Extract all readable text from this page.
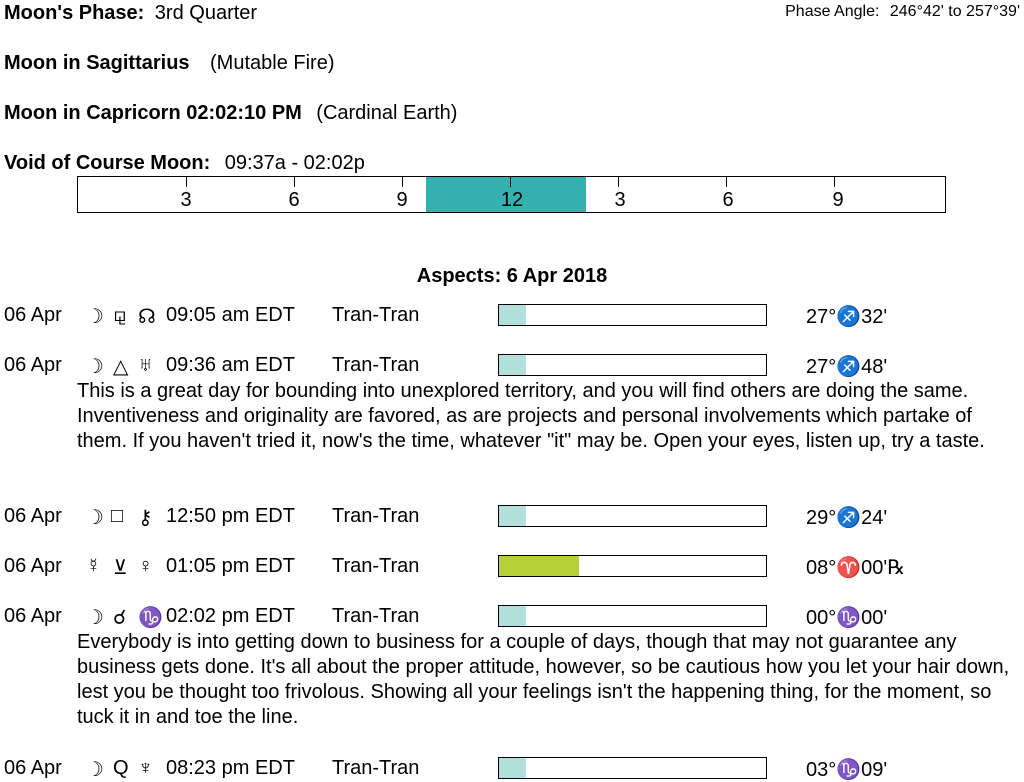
Moon's Phase: 3rd Quarter	Phase Angle: 246°42' to 257°39'
Moon in Sagittarius (Mutable Fire)
Moon in Capricorn 02:02:10 PM (Cardinal Earth)
Void of Course Moon: 09:37a - 02:02p
3	6	9	12	3	6	9
Aspects: 6 Apr 2018
06 Apr ☽ ⚼ ☊ 09:05 am EDT Tran-Tran	27°♐32'
06 Apr ☽ △ ♅ 09:36 am EDT Tran-Tran	27°♐48'
This is a great day for bounding into unexplored territory, and you will find others are doing the same. Inventiveness and originality are favored, as are projects and personal involvements which partake of them. If you haven't tried it, now's the time, whatever "it" may be. Open your eyes, listen up, try a taste.
06 Apr ☽ □ ⚷ 12:50 pm EDT Tran-Tran	29°♐24'
06 Apr ☿ ⊻ ♀ 01:05 pm EDT Tran-Tran	08°♈00'℞
06 Apr ☽ ☌ ♑ 02:02 pm EDT Tran-Tran	00°♑00'
Everybody is into getting down to business for a couple of days, though that may not guarantee any business gets done. It's all about the proper attitude, however, so be cautious how you let your hair down, lest you be thought too frivolous. Showing all your feelings isn't the happening thing, for the moment, so tuck it in and toe the line.
06 Apr ☽ Q ♆ 08:23 pm EDT Tran-Tran	03°♑09'
